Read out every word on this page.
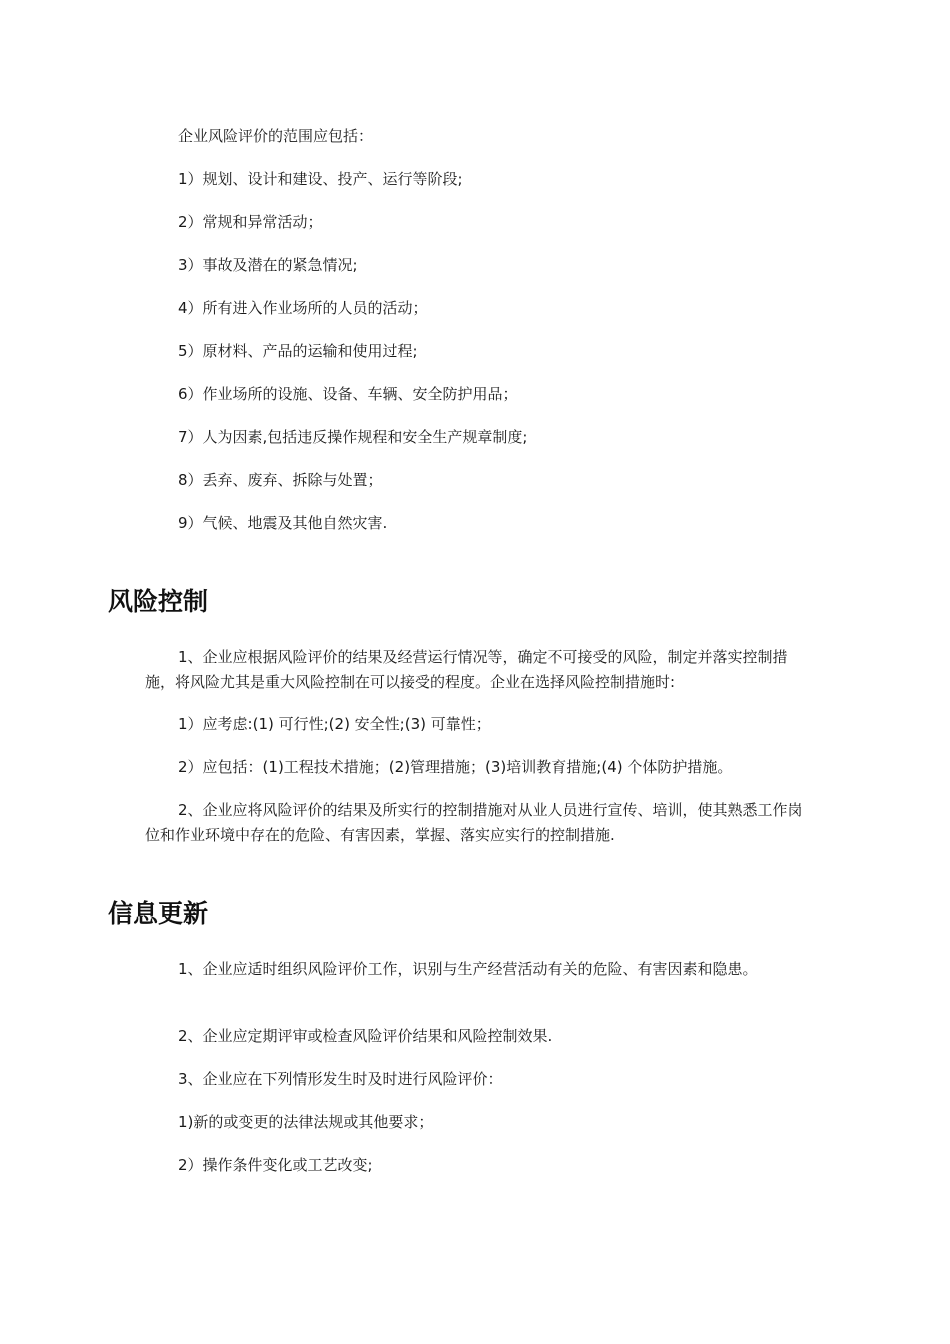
企业风险评价的范围应包括：

1）规划、设计和建设、投产、运行等阶段;

2）常规和异常活动；

3）事故及潜在的紧急情况;

4）所有进入作业场所的人员的活动；

5）原材料、产品的运输和使用过程;

6）作业场所的设施、设备、车辆、安全防护用品；

7）人为因素,包括违反操作规程和安全生产规章制度;

8）丢弃、废弃、拆除与处置；

9）气候、地震及其他自然灾害.

风险控制

1、企业应根据风险评价的结果及经营运行情况等，确定不可接受的风险，制定并落实控制措施，将风险尤其是重大风险控制在可以接受的程度。企业在选择风险控制措施时:

1）应考虑:(1) 可行性;(2) 安全性;(3) 可靠性；

2）应包括：(1)工程技术措施；(2)管理措施；(3)培训教育措施;(4) 个体防护措施。

2、企业应将风险评价的结果及所实行的控制措施对从业人员进行宣传、培训，使其熟悉工作岗位和作业环境中存在的危险、有害因素，掌握、落实应实行的控制措施.

信息更新

1、企业应适时组织风险评价工作，识别与生产经营活动有关的危险、有害因素和隐患。

2、企业应定期评审或检查风险评价结果和风险控制效果.

3、企业应在下列情形发生时及时进行风险评价：

1)新的或变更的法律法规或其他要求；

2）操作条件变化或工艺改变;
